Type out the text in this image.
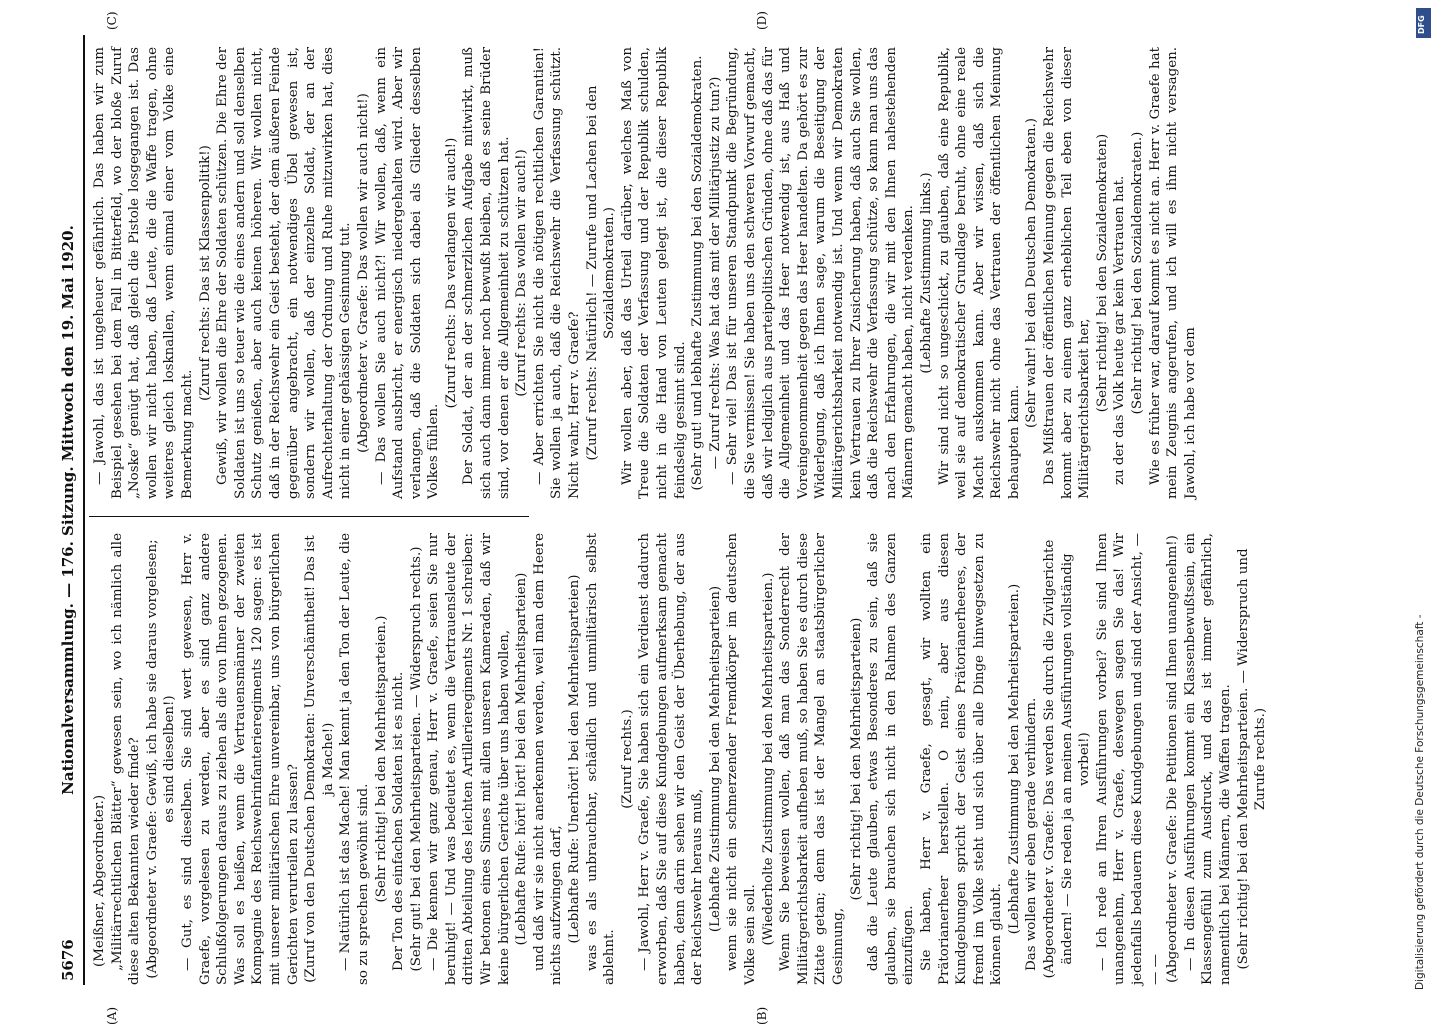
5676
Nationalversammlung. — 176. Sitzung. Mittwoch den 19. Mai 1920.
(A)	(B)
(C)	(D)

(Meißner, Abgeordneter.) „Militärrechtlichen Blätter“ gewesen sein, wo ich nämlich alle diese alten Bekannten wieder finde? (Abgeordneter v. Graefe: Gewiß, ich habe sie daraus vorgelesen; es sind dieselben!) — Gut, es sind dieselben. Sie sind wert gewesen, Herr v. Graefe, vorgelesen zu werden, aber es sind ganz andere Schlußfolgerungen daraus zu ziehen als die von Ihnen gezogenen. Was soll es heißen, wenn die Vertrauensmänner der zweiten Kompagnie des Reichswehrinfanterieregiments 120 sagen: es ist mit unserer militärischen Ehre unvereinbar, uns von bürgerlichen Gerichten verurteilen zu lassen? (Zuruf von den Deutschen Demokraten: Unverschämtheit! Das ist ja Mache!) — Natürlich ist das Mache! Man kennt ja den Ton der Leute, die so zu sprechen gewöhnt sind. (Sehr richtig! bei den Mehrheitsparteien.) Der Ton des einfachen Soldaten ist es nicht. (Sehr gut! bei den Mehrheitsparteien. — Widerspruch rechts.) — Die kennen wir ganz genau, Herr v. Graefe, seien Sie nur beruhigt! — Und was bedeutet es, wenn die Vertrauensleute der dritten Abteilung des leichten Artillerieregiments Nr. 1 schreiben: Wir betonen eines Sinnes mit allen unseren Kameraden, daß wir keine bürgerlichen Gerichte über uns haben wollen, (Lebhafte Rufe: hört! hört! bei den Mehrheitsparteien) und daß wir sie nicht anerkennen werden, weil man dem Heere nichts aufzwingen darf, (Lebhafte Rufe: Unerhört! bei den Mehrheitsparteien) was es als unbrauchbar, schädlich und unmilitärisch selbst ablehnt.

(Zuruf rechts.) — Jawohl, Herr v. Graefe, Sie haben sich ein Verdienst dadurch erworben, daß Sie auf diese Kundgebungen aufmerksam gemacht haben, denn darin sehen wir den Geist der Überhebung, der aus der Reichswehr heraus muß, (Lebhafte Zustimmung bei den Mehrheitsparteien) wenn sie nicht ein schmerzender Fremdkörper im deutschen Volke sein soll. (Wiederholte Zustimmung bei den Mehrheitsparteien.) Wenn Sie beweisen wollen, daß man das Sonderrecht der Militärgerichtsbarkeit aufheben muß, so haben Sie es durch diese Zitate getan; denn das ist der Mangel an staatsbürgerlicher Gesinnung,

(Sehr richtig! bei den Mehrheitsparteien) daß die Leute glauben, etwas Besonderes zu sein, daß sie glauben, sie brauchen sich nicht in den Rahmen des Ganzen einzufügen. Sie haben, Herr v. Graefe, gesagt, wir wollten ein Prätorianerheer herstellen. O nein, aber aus diesen Kundgebungen spricht der Geist eines Prätorianerheeres, der fremd im Volke steht und sich über alle Dinge hinwegsetzen zu können glaubt. (Lebhafte Zustimmung bei den Mehrheitsparteien.) Das wollen wir eben gerade verhindern. (Abgeordneter v. Graefe: Das werden Sie durch die Zivilgerichte ändern! — Sie reden ja an meinen Ausführungen vollständig vorbei!) — Ich rede an Ihren Ausführungen vorbei? Sie sind Ihnen unangenehm, Herr v. Graefe, deswegen sagen Sie das! Wir jedenfalls bedauern diese Kundgebungen und sind der Ansicht, — — — (Abgeordneter v. Graefe: Die Petitionen sind Ihnen unangenehm!) — In diesen Ausführungen kommt ein Klassenbewußtsein, ein Klassengefühl zum Ausdruck, und das ist immer gefährlich, namentlich bei Männern, die Waffen tragen. (Sehr richtig! bei den Mehrheitsparteien. — Widerspruch und Zurufe rechts.)

— Jawohl, das ist ungeheuer gefährlich. Das haben wir zum Beispiel gesehen bei dem Fall in Bitterfeld, wo der bloße Zuruf „Noske“ genügt hat, daß gleich die Pistole losgegangen ist. Das wollen wir nicht haben, daß Leute, die die Waffe tragen, ohne weiteres gleich losknallen, wenn einmal einer vom Volke eine Bemerkung macht.

(Zuruf rechts: Das ist Klassenpolitik!) Gewiß, wir wollen die Ehre der Soldaten schützen. Die Ehre der Soldaten ist uns so teuer wie die eines andern und soll denselben Schutz genießen, aber auch keinen höheren. Wir wollen nicht, daß in der Reichswehr ein Geist besteht, der dem äußeren Feinde gegenüber angebracht, ein notwendiges Übel gewesen ist, sondern wir wollen, daß der einzelne Soldat, der an der Aufrechterhaltung der Ordnung und Ruhe mitzuwirken hat, dies nicht in einer gehässigen Gesinnung tut. (Abgeordneter v. Graefe: Das wollen wir auch nicht!) — Das wollen Sie auch nicht?! Wir wollen, daß, wenn ein Aufstand ausbricht, er energisch niedergehalten wird. Aber wir verlangen, daß die Soldaten sich dabei als Glieder desselben Volkes fühlen.

(Zuruf rechts: Das verlangen wir auch!) Der Soldat, der an der schmerzlichen Aufgabe mitwirkt, muß sich auch dann immer noch bewußt bleiben, daß es seine Brüder sind, vor denen er die Allgemeinheit zu schützen hat. (Zuruf rechts: Das wollen wir auch!) — Aber errichten Sie nicht die nötigen rechtlichen Garantien! Sie wollen ja auch, daß die Reichswehr die Verfassung schützt. Nicht wahr, Herr v. Graefe? (Zuruf rechts: Natürlich! — Zurufe und Lachen bei den Sozialdemokraten.) Wir wollen aber, daß das Urteil darüber, welches Maß von Treue die Soldaten der Verfassung und der Republik schulden, nicht in die Hand von Leuten gelegt ist, die dieser Republik feindselig gesinnt sind. (Sehr gut! und lebhafte Zustimmung bei den Sozialdemokraten. — Zuruf rechts: Was hat das mit der Militärjustiz zu tun?) — Sehr viel! Das ist für unseren Standpunkt die Begründung, die Sie vermissen! Sie haben uns den schweren Vorwurf gemacht, daß wir lediglich aus parteipolitischen Gründen, ohne daß das für die Allgemeinheit und das Heer notwendig ist, aus Haß und Voreingenommenheit gegen das Heer handelten. Da gehört es zur Widerlegung, daß ich Ihnen sage, warum die Beseitigung der Militärgerichtsbarkeit notwendig ist. Und wenn wir Demokraten kein Vertrauen zu Ihrer Zusicherung haben, daß auch Sie wollen, daß die Reichswehr die Verfassung schütze, so kann man uns das nach den Erfahrungen, die wir mit den Ihnen nahestehenden Männern gemacht haben, nicht verdenken. (Lebhafte Zustimmung links.) Wir sind nicht so ungeschickt, zu glauben, daß eine Republik, weil sie auf demokratischer Grundlage beruht, ohne eine reale Macht auskommen kann. Aber wir wissen, daß sich die Reichswehr nicht ohne das Vertrauen der öffentlichen Meinung behaupten kann.

(Sehr wahr! bei den Deutschen Demokraten.) Das Mißtrauen der öffentlichen Meinung gegen die Reichswehr kommt aber zu einem ganz erheblichen Teil eben von dieser Militärgerichtsbarkeit her, (Sehr richtig! bei den Sozialdemokraten) zu der das Volk heute gar kein Vertrauen hat. (Sehr richtig! bei den Sozialdemokraten.) Wie es früher war, darauf kommt es nicht an. Herr v. Graefe hat mein Zeugnis angerufen, und ich will es ihm nicht versagen. Jawohl, ich habe vor dem

Digitalisierung gefördert durch die Deutsche Forschungsgemeinschaft -
DFG
